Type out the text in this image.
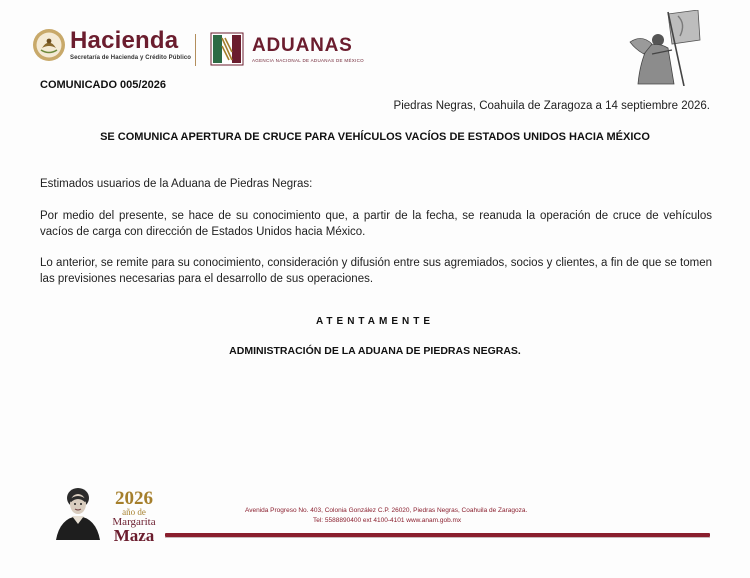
Hacienda
Secretaría de Hacienda y Crédito Público
ADUANAS
AGENCIA NACIONAL DE ADUANAS DE MÉXICO
COMUNICADO 005/2026
Piedras Negras, Coahuila de Zaragoza a 14 septiembre 2026.
SE COMUNICA APERTURA DE CRUCE PARA VEHÍCULOS VACÍOS DE ESTADOS UNIDOS HACIA MÉXICO
Estimados usuarios de la Aduana de Piedras Negras:
Por medio del presente, se hace de su conocimiento que, a partir de la fecha, se reanuda la operación de cruce de vehículos vacíos de carga con dirección de Estados Unidos hacia México.
Lo anterior, se remite para su conocimiento, consideración y difusión entre sus agremiados, socios y clientes, a fin de que se tomen las previsiones necesarias para el desarrollo de sus operaciones.
ATENTAMENTE
ADMINISTRACIÓN DE LA ADUANA DE PIEDRAS NEGRAS.
2026
año de
Margarita
Maza
Avenida Progreso No. 403, Colonia González C.P. 26020, Piedras Negras, Coahuila de Zaragoza.
Tel: 5588890400 ext 4100-4101 www.anam.gob.mx
